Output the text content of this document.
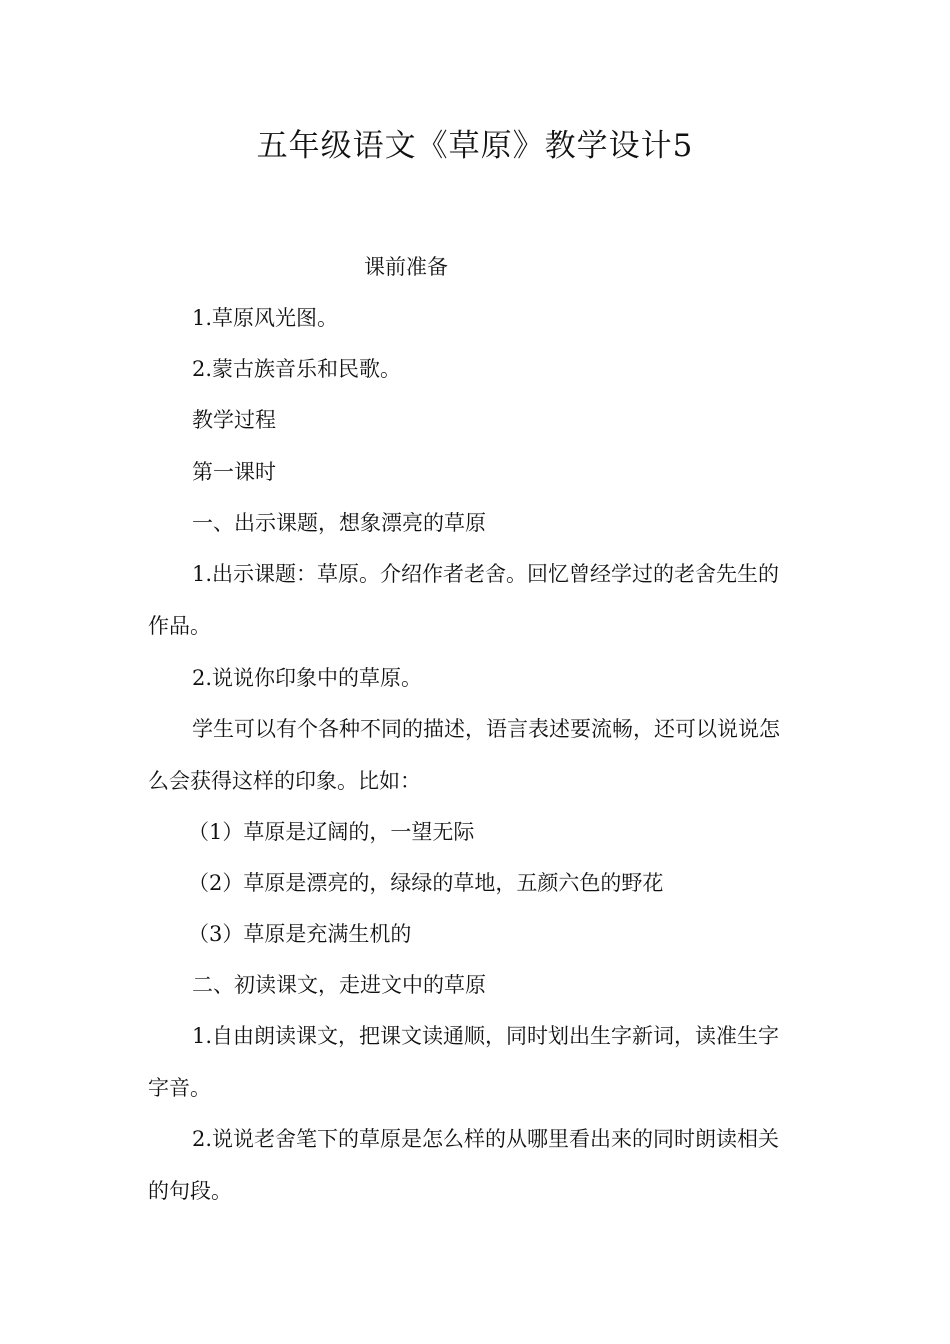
五年级语文《草原》教学设计5
课前准备

1.草原风光图。

2.蒙古族音乐和民歌。

教学过程

第一课时

一、出示课题，想象漂亮的草原

1.出示课题：草原。介绍作者老舍。回忆曾经学过的老舍先生的作品。

2.说说你印象中的草原。

学生可以有个各种不同的描述，语言表述要流畅，还可以说说怎么会获得这样的印象。比如：

（1）草原是辽阔的，一望无际

（2）草原是漂亮的，绿绿的草地，五颜六色的野花

（3）草原是充满生机的

二、初读课文，走进文中的草原

1.自由朗读课文，把课文读通顺，同时划出生字新词，读准生字字音。

2.说说老舍笔下的草原是怎么样的从哪里看出来的同时朗读相关的句段。
